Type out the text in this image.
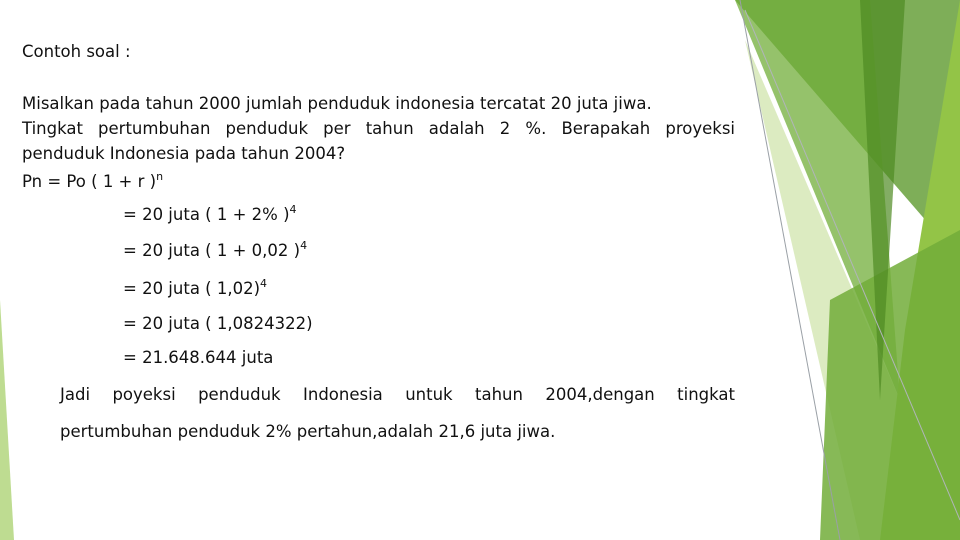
Contoh soal :
Misalkan pada tahun 2000 jumlah penduduk indonesia tercatat 20 juta jiwa.
Tingkat pertumbuhan penduduk per tahun adalah 2 %. Berapakah proyeksi
penduduk Indonesia pada tahun 2004?
Pn = Po ( 1 + r )$^n$
= 20 juta ( 1 + 2% )$^4$
= 20 juta ( 1 + 0,02 )$^4$
= 20 juta ( 1,02)$^4$
= 20 juta ( 1,0824322)
= 21.648.644 juta
Jadi poyeksi penduduk Indonesia untuk tahun 2004,dengan tingkat
pertumbuhan penduduk 2% pertahun,adalah 21,6 juta jiwa.
